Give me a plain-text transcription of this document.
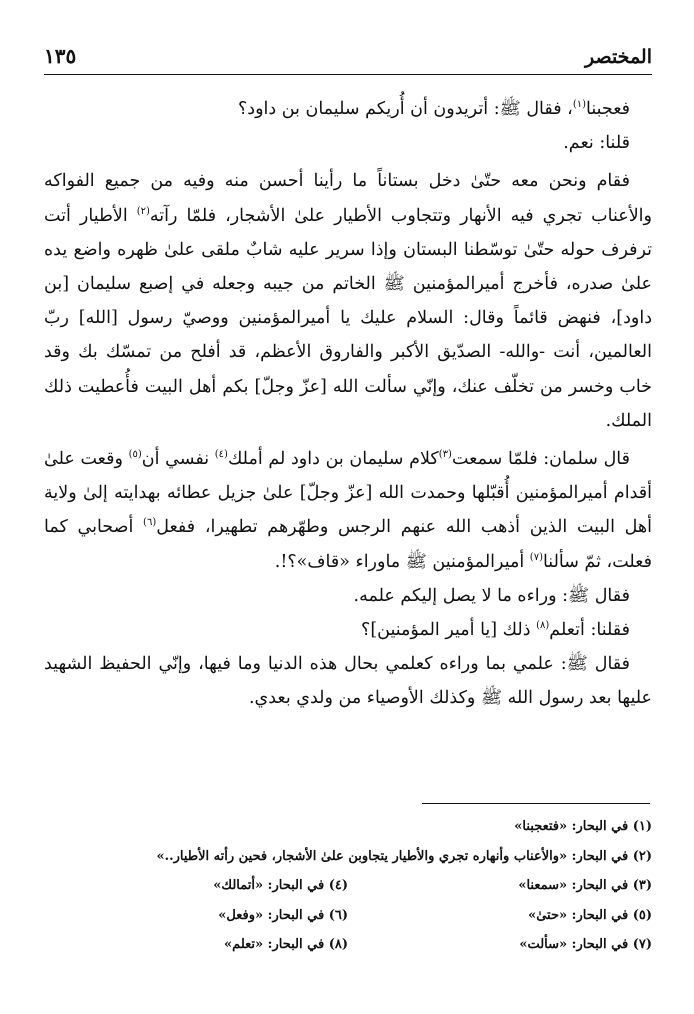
المختصر
١٣٥

فعجبنا$^{(١)}$، فقال ﷺ: أتريدون أن أُريكم سليمان بن داود؟

قلنا: نعم.

فقام ونحن معه حتّىٰ دخل بستاناً ما رأينا أحسن منه وفيه من جميع الفواكه والأعناب تجري فيه الأنهار وتتجاوب الأطيار علىٰ الأشجار، فلمّا رآته$^{(٢)}$ الأطيار أتت ترفرف حوله حتّىٰ توسّطنا البستان وإذا سرير عليه شابٌ ملقى علىٰ ظهره واضع يده علىٰ صدره، فأخرج أميرالمؤمنين ﷺ الخاتم من جيبه وجعله في إصبع سليمان [بن داود]، فنهض قائماً وقال: السلام عليك يا أميرالمؤمنين ووصيّ رسول [الله] ربّ العالمين، أنت -والله- الصدّيق الأكبر والفاروق الأعظم، قد أفلح من تمسّك بك وقد خاب وخسر من تخلّف عنك، وإنّي سألت الله [عزّ وجلّ] بكم أهل البيت فأُعطيت ذلك الملك.

قال سلمان: فلمّا سمعت$^{(٣)}$كلام سليمان بن داود لم أملك$^{(٤)}$ نفسي أن$^{(٥)}$ وقعت علىٰ أقدام أميرالمؤمنين أُقبّلها وحمدت الله [عزّ وجلّ] علىٰ جزيل عطائه بهدايته إلىٰ ولاية أهل البيت الذين أذهب الله عنهم الرجس وطهّرهم تطهيرا، ففعل$^{(٦)}$ أصحابي كما فعلت، ثمّ سألنا$^{(٧)}$ أميرالمؤمنين ﷺ ماوراء «قاف»؟!.

فقال ﷺ: وراءه ما لا يصل إليكم علمه.

فقلنا: أتعلم$^{(٨)}$ ذلك [يا أمير المؤمنين]؟

فقال ﷺ: علمي بما وراءه كعلمي بحال هذه الدنيا وما فيها، وإنّي الحفيظ الشهيد عليها بعد رسول الله ﷺ وكذلك الأوصياء من ولدي بعدي.

(١) في البحار: «فتعجبنا»
(٢) في البحار: «والأعناب وأنهاره تجري والأطيار يتجاوبن علىٰ الأشجار، فحين رأته الأطيار..»
(٣) في البحار: «سمعنا»
(٤) في البحار: «أتمالك»
(٥) في البحار: «حتىٰ»
(٦) في البحار: «وفعل»
(٧) في البحار: «سألت»
(٨) في البحار: «تعلم»
